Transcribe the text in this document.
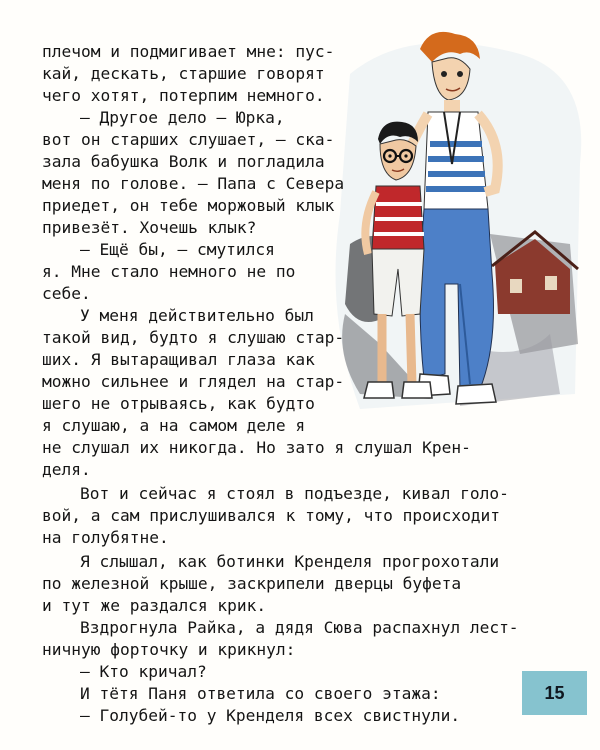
плечом и подмигивает мне: пус-
кай, дескать, старшие говорят
чего хотят, потерпим немного.
— Другое дело — Юрка,
вот он старших слушает, — ска-
зала бабушка Волк и погладила
меня по голове. — Папа с Севера
приедет, он тебе моржовый клык
привезёт. Хочешь клык?
— Ещё бы, — смутился
я. Мне стало немного не по
себе.
У меня действительно был
такой вид, будто я слушаю стар-
ших. Я вытаращивал глаза как
можно сильнее и глядел на стар-
шего не отрываясь, как будто
я слушаю, а на самом деле я
не слушал их никогда. Но зато я слушал Крен-
деля.
Вот и сейчас я стоял в подъезде, кивал голо-
вой, а сам прислушивался к тому, что происходит
на голубятне.
Я слышал, как ботинки Кренделя прогрохотали
по железной крыше, заскрипели дверцы буфета
и тут же раздался крик.
Вздрогнула Райка, а дядя Сюва распахнул лест-
ничную форточку и крикнул:
— Кто кричал?
И тётя Паня ответила со своего этажа:
— Голубей-то у Кренделя всех свистнули.
15
